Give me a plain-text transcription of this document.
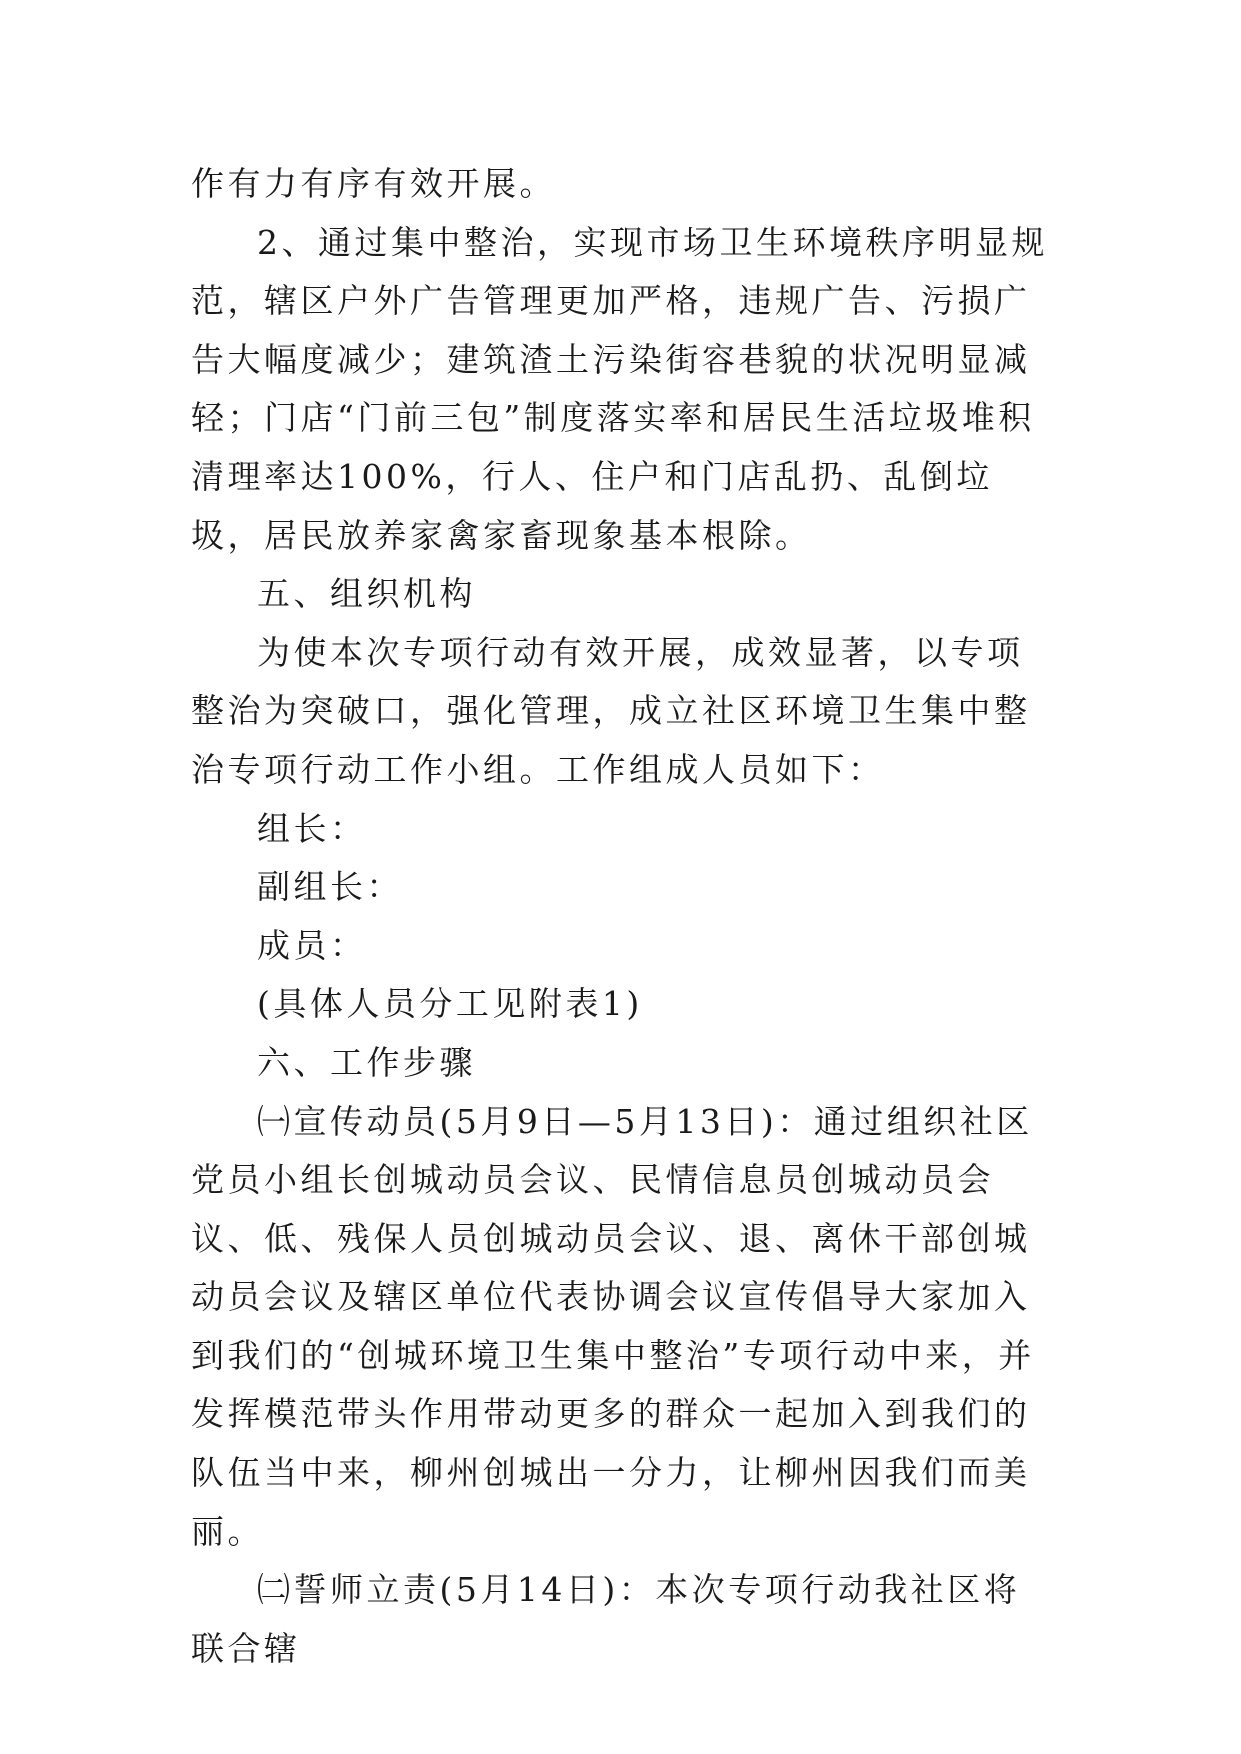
作有力有序有效开展。

2、通过集中整治，实现市场卫生环境秩序明显规范，辖区户外广告管理更加严格，违规广告、污损广告大幅度减少；建筑渣土污染街容巷貌的状况明显减轻；门店“门前三包”制度落实率和居民生活垃圾堆积清理率达100%，行人、住户和门店乱扔、乱倒垃圾，居民放养家禽家畜现象基本根除。

五、组织机构

为使本次专项行动有效开展，成效显著，以专项整治为突破口，强化管理，成立社区环境卫生集中整治专项行动工作小组。工作组成人员如下：

组长：

副组长：

成员：

(具体人员分工见附表1)

六、工作步骤

㈠宣传动员(5月9日—5月13日)：通过组织社区党员小组长创城动员会议、民情信息员创城动员会议、低、残保人员创城动员会议、退、离休干部创城动员会议及辖区单位代表协调会议宣传倡导大家加入到我们的“创城环境卫生集中整治”专项行动中来，并发挥模范带头作用带动更多的群众一起加入到我们的队伍当中来，柳州创城出一分力，让柳州因我们而美丽。

㈡誓师立责(5月14日)：本次专项行动我社区将联合辖
